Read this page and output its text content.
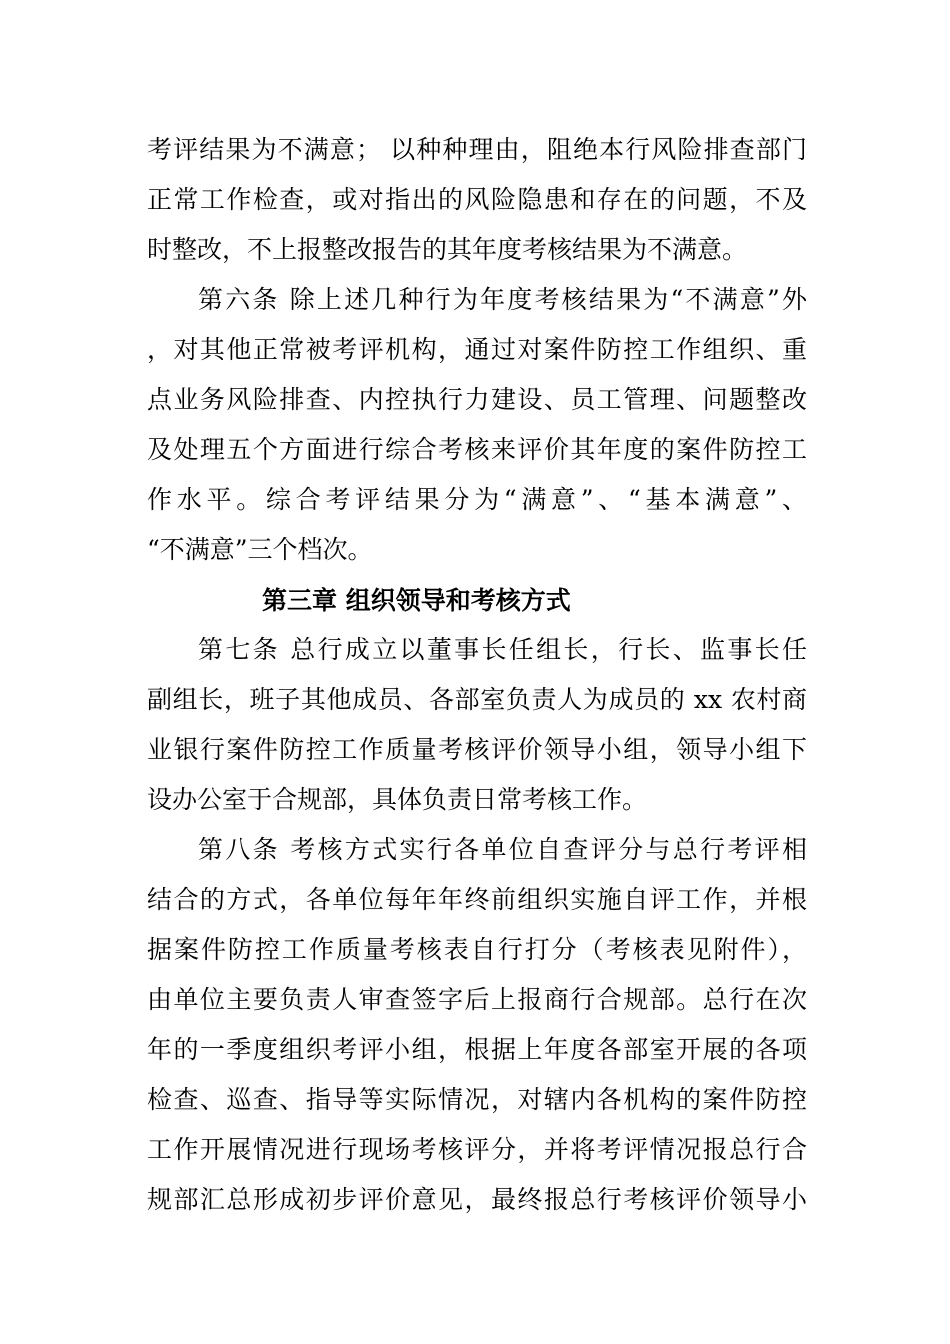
考评结果为不满意； 以种种理由，阻绝本行风险排查部门
正常工作检查，或对指出的风险隐患和存在的问题，不及
时整改，不上报整改报告的其年度考核结果为不满意。
第六条 除上述几种行为年度考核结果为“不满意”外
，对其他正常被考评机构，通过对案件防控工作组织、重
点业务风险排查、内控执行力建设、员工管理、问题整改
及处理五个方面进行综合考核来评价其年度的案件防控工
作水平。综合考评结果分为“满意”、“基本满意”、
“不满意”三个档次。
第三章 组织领导和考核方式
第七条 总行成立以董事长任组长，行长、监事长任
副组长，班子其他成员、各部室负责人为成员的 xx 农村商
业银行案件防控工作质量考核评价领导小组，领导小组下
设办公室于合规部，具体负责日常考核工作。
第八条 考核方式实行各单位自查评分与总行考评相
结合的方式，各单位每年年终前组织实施自评工作，并根
据案件防控工作质量考核表自行打分（考核表见附件），
由单位主要负责人审查签字后上报商行合规部。总行在次
年的一季度组织考评小组，根据上年度各部室开展的各项
检查、巡查、指导等实际情况，对辖内各机构的案件防控
工作开展情况进行现场考核评分，并将考评情况报总行合
规部汇总形成初步评价意见，最终报总行考核评价领导小
